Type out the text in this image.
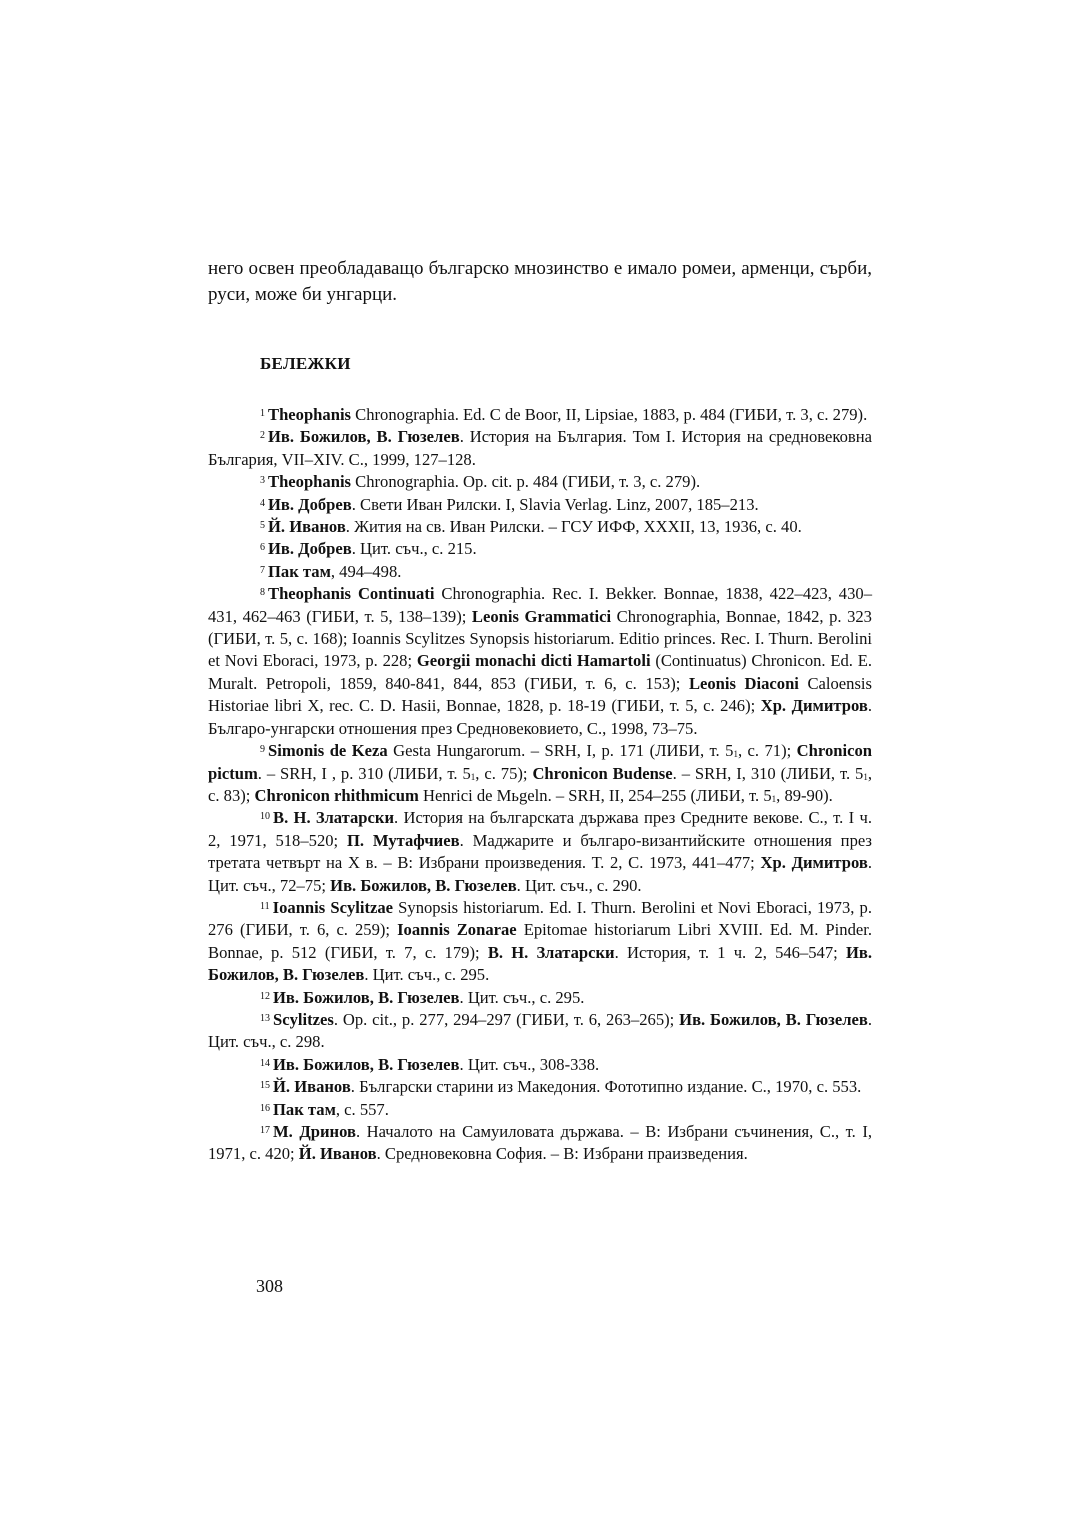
него освен преобладаващо българско мнозинство е имало ромеи, арменци, сърби, руси, може би унгарци.

БЕЛЕЖКИ

$^1$ Theophanis Chronographia. Ed. C de Boor, II, Lipsiae, 1883, p. 484 (ГИБИ, т. 3, с. 279).

$^2$ Ив. Божилов, В. Гюзелев. История на България. Том I. История на средновековна България, VII–XIV. С., 1999, 127–128.

$^3$ Theophanis Chronographia. Op. cit. p. 484 (ГИБИ, т. 3, с. 279).

$^4$ Ив. Добрев. Свети Иван Рилски. I, Slavia Verlag. Linz, 2007, 185–213.

$^5$ Й. Иванов. Жития на св. Иван Рилски. – ГСУ ИФФ, XXXII, 13, 1936, с. 40.

$^6$ Ив. Добрев. Цит. съч., с. 215.

$^7$ Пак там, 494–498.

$^8$ Theophanis Continuati Chronographia. Rec. I. Bekker. Bonnae, 1838, 422–423, 430–431, 462–463 (ГИБИ, т. 5, 138–139); Leonis Grammatici Chronographia, Bonnae, 1842, p. 323 (ГИБИ, т. 5, с. 168); Ioannis Scylitzes Synopsis historiarum. Editio princes. Rec. I. Thurn. Berolini et Novi Eboraci, 1973, p. 228; Georgii monachi dicti Hamartoli (Continuatus) Chronicon. Ed. E. Muralt. Petropoli, 1859, 840-841, 844, 853 (ГИБИ, т. 6, с. 153); Leonis Diaconi Caloensis Historiae libri X, rec. C. D. Hasii, Bonnae, 1828, p. 18-19 (ГИБИ, т. 5, с. 246); Хр. Димитров. Българо-унгарски отношения през Средновековието, С., 1998, 73–75.

$^9$ Simonis de Keza Gesta Hungarorum. – SRH, I, p. 171 (ЛИБИ, т. $5_1$, с. 71); Chronicon pictum. – SRH, I , p. 310 (ЛИБИ, т. $5_1$, с. 75); Chronicon Budense. – SRH, I, 310 (ЛИБИ, т. $5_1$, с. 83); Chronicon rhithmicum Henrici de Mьgeln. – SRH, II, 254–255 (ЛИБИ, т. $5_1$, 89-90).

$^{10}$ В. Н. Златарски. История на българската държава през Средните векове. С., т. I ч. 2, 1971, 518–520; П. Мутафчиев. Маджарите и българо-византийските отношения през третата четвърт на X в. – В: Избрани произведения. Т. 2, С. 1973, 441–477; Хр. Димитров. Цит. съч., 72–75; Ив. Божилов, В. Гюзелев. Цит. съч., с. 290.

$^{11}$ Ioannis Scylitzae Synopsis historiarum. Ed. I. Thurn. Berolini et Novi Eboraci, 1973, p. 276 (ГИБИ, т. 6, с. 259); Ioannis Zonarae Epitomae historiarum Libri XVIII. Ed. M. Pinder. Bonnae, p. 512 (ГИБИ, т. 7, с. 179); В. Н. Златарски. История, т. 1 ч. 2, 546–547; Ив. Божилов, В. Гюзелев. Цит. съч., с. 295.

$^{12}$ Ив. Божилов, В. Гюзелев. Цит. съч., с. 295.

$^{13}$ Scylitzes. Op. cit., p. 277, 294–297 (ГИБИ, т. 6, 263–265); Ив. Божилов, В. Гюзелев. Цит. съч., с. 298.

$^{14}$ Ив. Божилов, В. Гюзелев. Цит. съч., 308-338.

$^{15}$ Й. Иванов. Български старини из Македония. Фототипно издание. С., 1970, с. 553.

$^{16}$ Пак там, с. 557.

$^{17}$ М. Дринов. Началото на Самуиловата държава. – В: Избрани съчинения, С., т. I, 1971, с. 420; Й. Иванов. Средновековна София. – В: Избрани праизведения.

308
